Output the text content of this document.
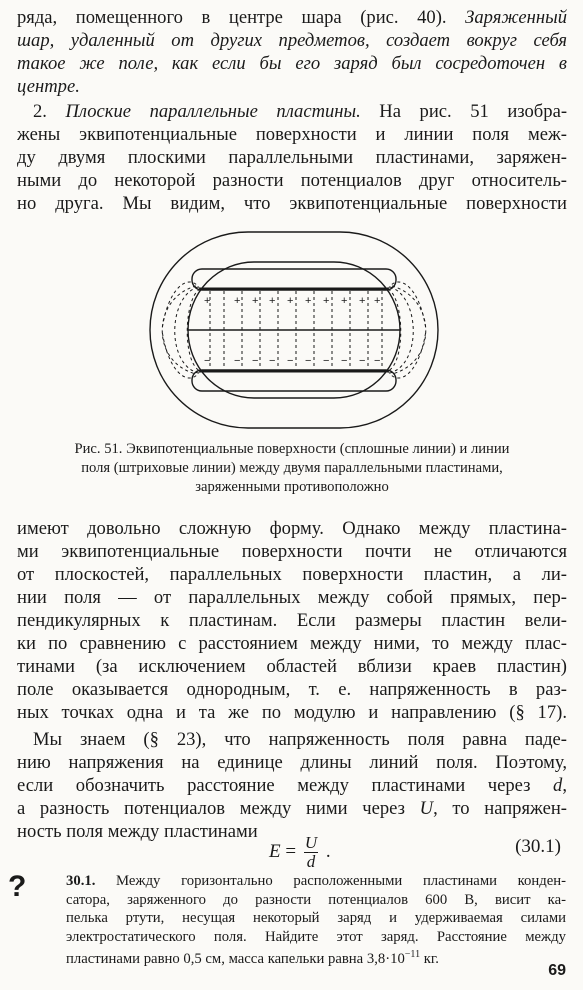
ряда, помещенного в центре шара (рис. 40). Заряженный
шар, удаленный от других предметов, создает вокруг себя
такое же поле, как если бы его заряд был сосредоточен в
центре.
2. Плоские параллельные пластины. На рис. 51 изобра-
жены эквипотенциальные поверхности и линии поля меж-
ду двумя плоскими параллельными пластинами, заряжен-
ными до некоторой разности потенциалов друг относитель-
но друга. Мы видим, что эквипотенциальные поверхности
+ + + + + + + + + +
− − − − − − − − − −
Рис. 51. Эквипотенциальные поверхности (сплошные линии) и линии
поля (штриховые линии) между двумя параллельными пластинами,
заряженными противоположно
имеют довольно сложную форму. Однако между пластина-
ми эквипотенциальные поверхности почти не отличаются
от плоскостей, параллельных поверхности пластин, а ли-
нии поля — от параллельных между собой прямых, пер-
пендикулярных к пластинам. Если размеры пластин вели-
ки по сравнению с расстоянием между ними, то между плас-
тинами (за исключением областей вблизи краев пластин)
поле оказывается однородным, т. е. напряженность в раз-
ных точках одна и та же по модулю и направлению (§ 17).
Мы знаем (§ 23), что напряженность поля равна паде-
нию напряжения на единице длины линий поля. Поэтому,
если обозначить расстояние между пластинами через d,
а разность потенциалов между ними через U, то напряжен-
ность поля между пластинами
$E = \frac{U}{d}$ .	(30.1)
?	30.1. Между горизонтально расположенными пластинами конден-
сатора, заряженного до разности потенциалов 600 В, висит ка-
пелька ртути, несущая некоторый заряд и удерживаемая силами
электростатического поля. Найдите этот заряд. Расстояние между
пластинами равно 0,5 см, масса капельки равна $3,8\cdot 10^{-11}$ кг.
69
